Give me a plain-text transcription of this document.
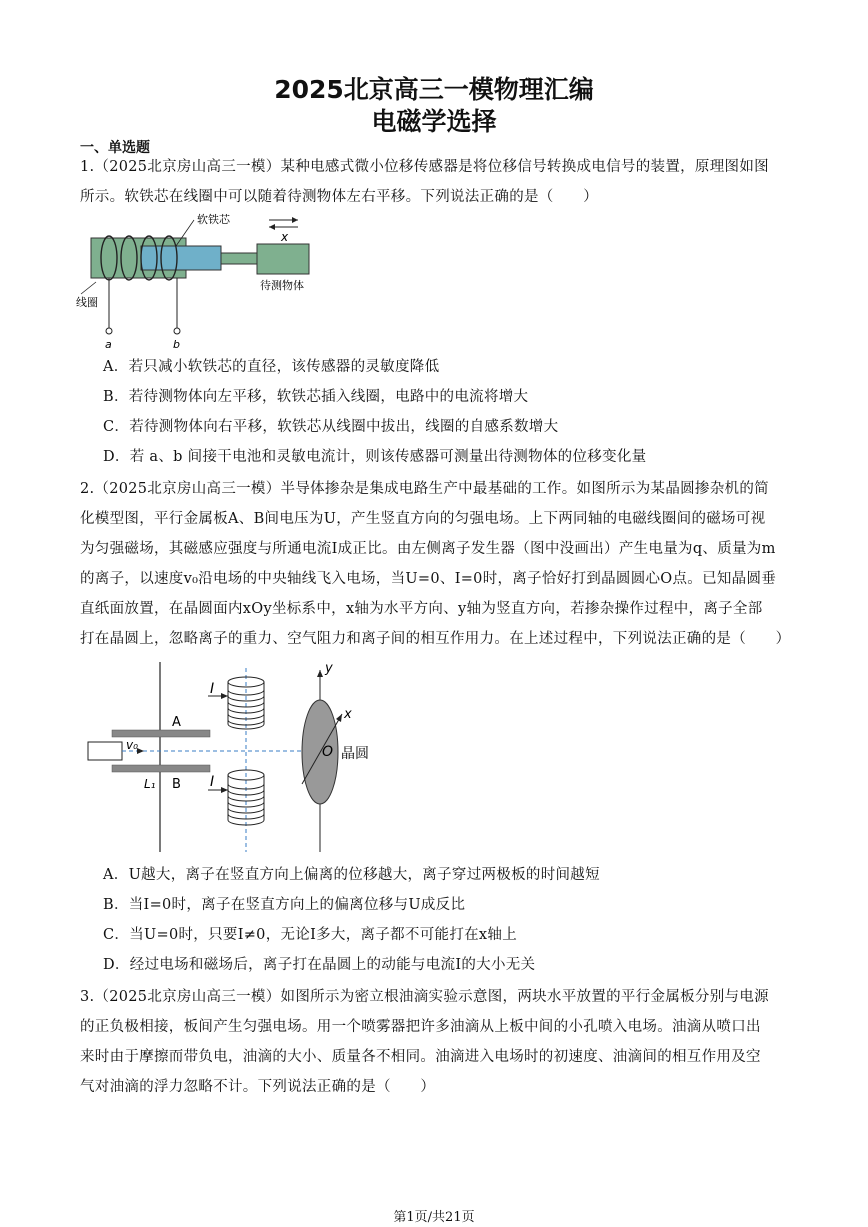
2025北京高三一模物理汇编
电磁学选择
一、单选题
1.（2025北京房山高三一模）某种电感式微小位移传感器是将位移信号转换成电信号的装置，原理图如图
所示。软铁芯在线圈中可以随着待测物体左右平移。下列说法正确的是（　　）
软铁芯
x
待测物体
线圈
a	b
A．若只减小软铁芯的直径，该传感器的灵敏度降低
B．若待测物体向左平移，软铁芯插入线圈，电路中的电流将增大
C．若待测物体向右平移，软铁芯从线圈中拔出，线圈的自感系数增大
D．若 a、b 间接干电池和灵敏电流计，则该传感器可测量出待测物体的位移变化量
2.（2025北京房山高三一模）半导体掺杂是集成电路生产中最基础的工作。如图所示为某晶圆掺杂机的简
化模型图，平行金属板A、B间电压为U，产生竖直方向的匀强电场。上下两同轴的电磁线圈间的磁场可视
为匀强磁场，其磁感应强度与所通电流I成正比。由左侧离子发生器（图中没画出）产生电量为q、质量为m
的离子，以速度v₀沿电场的中央轴线飞入电场，当U=0、I=0时，离子恰好打到晶圆圆心O点。已知晶圆垂
直纸面放置，在晶圆面内xOy坐标系中，x轴为水平方向、y轴为竖直方向，若掺杂操作过程中，离子全部
打在晶圆上，忽略离子的重力、空气阻力和离子间的相互作用力。在上述过程中，下列说法正确的是（　　）
A
B
I
I
v₀
L₁
y
x
O 晶圆
A．U越大，离子在竖直方向上偏离的位移越大，离子穿过两极板的时间越短
B．当I=0时，离子在竖直方向上的偏离位移与U成反比
C．当U=0时，只要I≠0，无论I多大，离子都不可能打在x轴上
D．经过电场和磁场后，离子打在晶圆上的动能与电流I的大小无关
3.（2025北京房山高三一模）如图所示为密立根油滴实验示意图，两块水平放置的平行金属板分别与电源
的正负极相接，板间产生匀强电场。用一个喷雾器把许多油滴从上板中间的小孔喷入电场。油滴从喷口出
来时由于摩擦而带负电，油滴的大小、质量各不相同。油滴进入电场时的初速度、油滴间的相互作用及空
气对油滴的浮力忽略不计。下列说法正确的是（　　）
第1页/共21页
